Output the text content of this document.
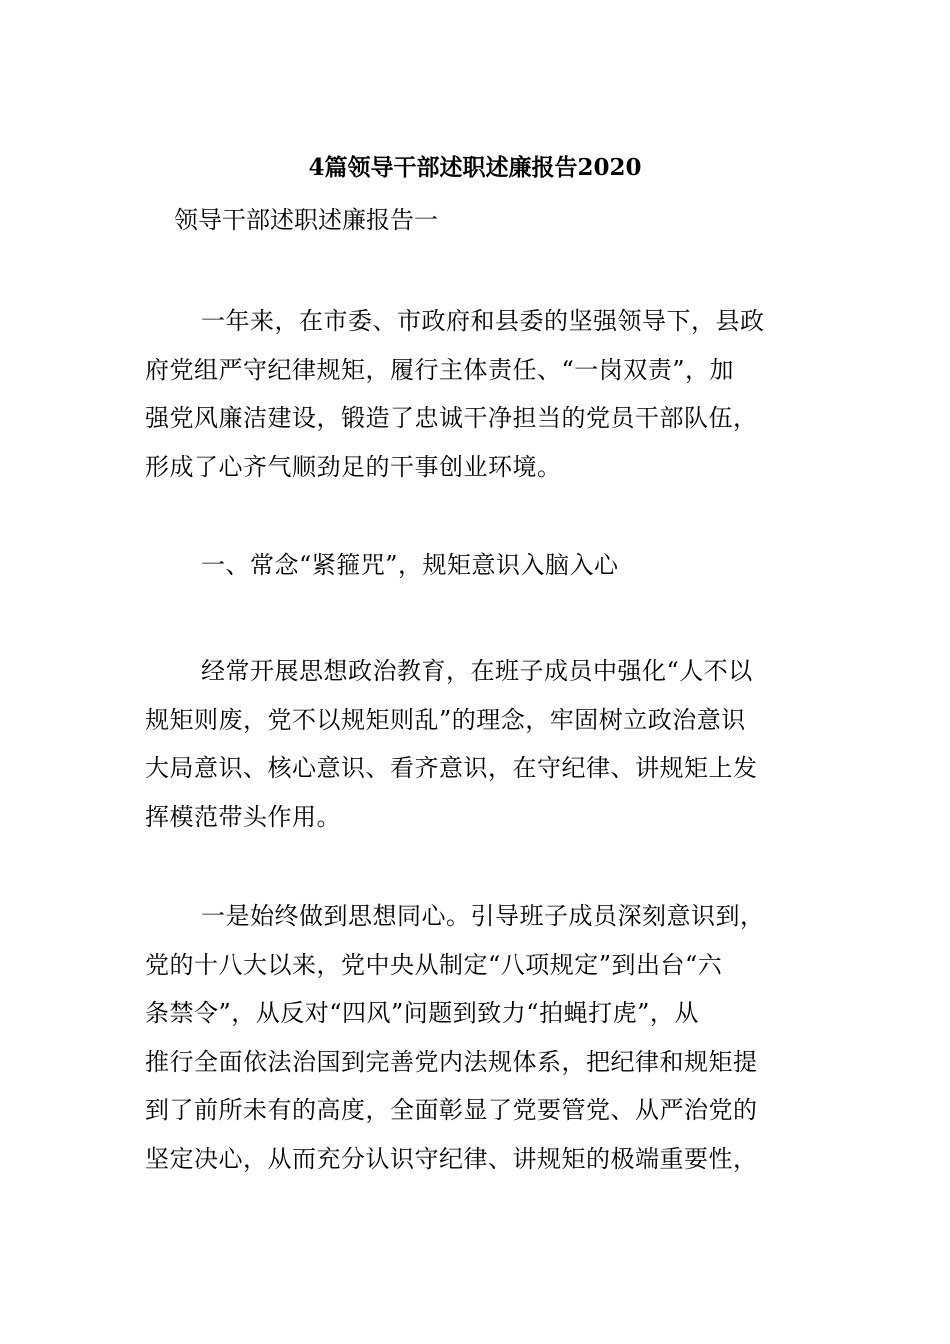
4篇领导干部述职述廉报告2020
领导干部述职述廉报告一
一年来，在市委、市政府和县委的坚强领导下，县政
府党组严守纪律规矩，履行主体责任、“一岗双责”，加
强党风廉洁建设，锻造了忠诚干净担当的党员干部队伍，
形成了心齐气顺劲足的干事创业环境。
一、常念“紧箍咒”，规矩意识入脑入心
经常开展思想政治教育，在班子成员中强化“人不以
规矩则废，党不以规矩则乱”的理念，牢固树立政治意识
大局意识、核心意识、看齐意识，在守纪律、讲规矩上发
挥模范带头作用。
一是始终做到思想同心。引导班子成员深刻意识到，
党的十八大以来，党中央从制定“八项规定”到出台“六
条禁令”，从反对“四风”问题到致力“拍蝇打虎”，从
推行全面依法治国到完善党内法规体系，把纪律和规矩提
到了前所未有的高度，全面彰显了党要管党、从严治党的
坚定决心，从而充分认识守纪律、讲规矩的极端重要性，
